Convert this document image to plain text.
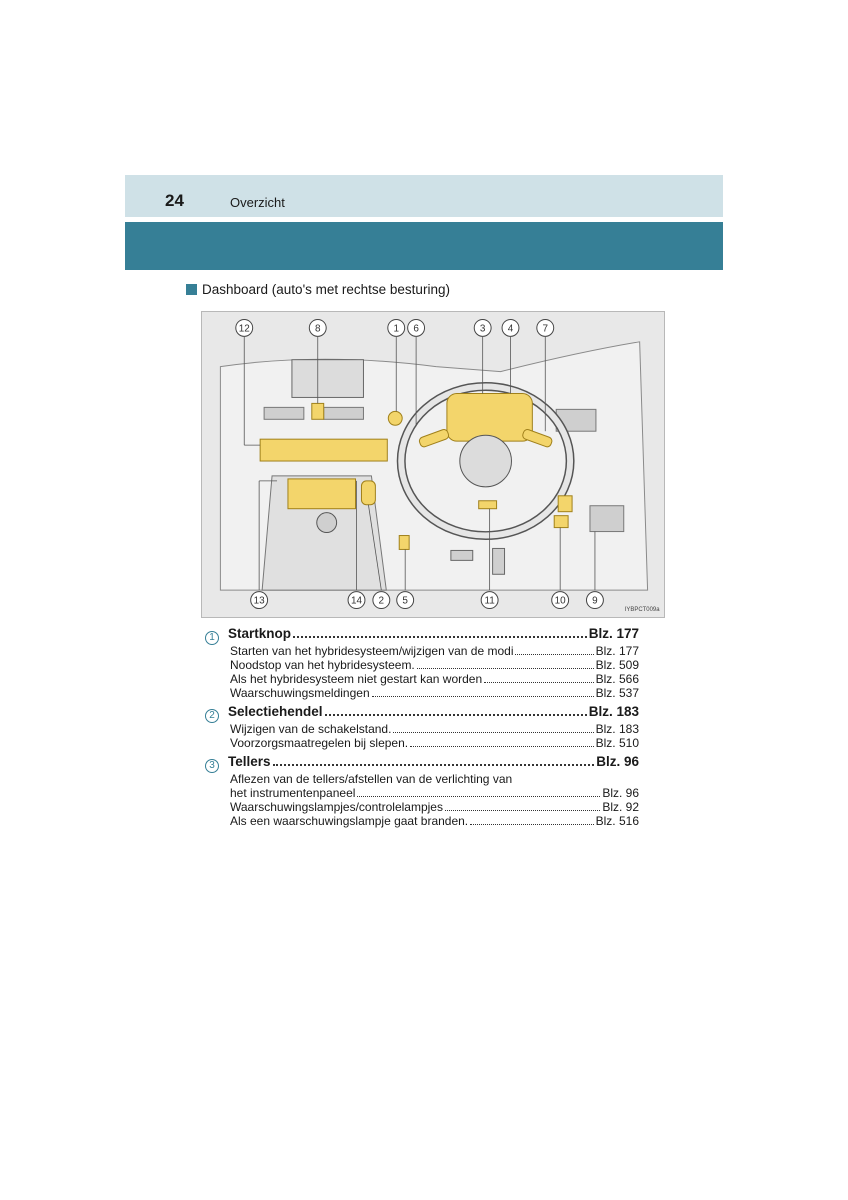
24	Overzicht
Dashboard (auto's met rechtse besturing)
12	8	1 6	3 4	7
13	14 2 5	11	10	9
IYBPCT009a
1 Startknop	Blz. 177
Starten van het hybridesysteem/wijzigen van de modi	Blz. 177
Noodstop van het hybridesysteem.	Blz. 509
Als het hybridesysteem niet gestart kan worden	Blz. 566
Waarschuwingsmeldingen	Blz. 537
2 Selectiehendel	Blz. 183
Wijzigen van de schakelstand.	Blz. 183
Voorzorgsmaatregelen bij slepen.	Blz. 510
3 Tellers	Blz. 96
Aflezen van de tellers/afstellen van de verlichting van
het instrumentenpaneel	Blz. 96
Waarschuwingslampjes/controlelampjes	Blz. 92
Als een waarschuwingslampje gaat branden.	Blz. 516
